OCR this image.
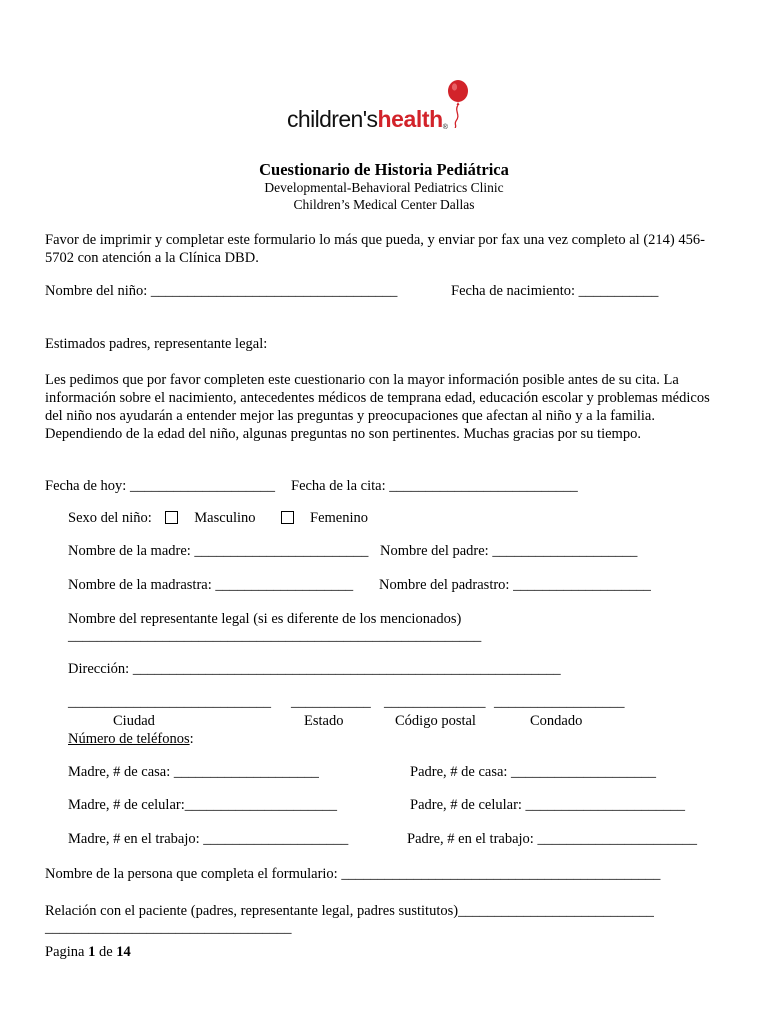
children'shealth®
Cuestionario de Historia Pediátrica
Developmental-Behavioral Pediatrics Clinic
Children’s Medical Center Dallas
Favor de imprimir y completar este formulario lo más que pueda, y enviar por fax una vez completo al (214) 456-5702 con atención a la Clínica DBD.
Nombre del niño: __________________________________	Fecha de nacimiento: ___________
Estimados padres, representante legal:
Les pedimos que por favor completen este cuestionario con la mayor información posible antes de su cita. La información sobre el nacimiento, antecedentes médicos de temprana edad, educación escolar y problemas médicos del niño nos ayudarán a entender mejor las preguntas y preocupaciones que afectan al niño y a la familia. Dependiendo de la edad del niño, algunas preguntas no son pertinentes. Muchas gracias por su tiempo.
Fecha de hoy: ____________________ Fecha de la cita: __________________________
Sexo del niño:	Masculino	Femenino
Nombre de la madre: ________________________ Nombre del padre: ____________________
Nombre de la madrastra: ___________________ Nombre del padrastro: ___________________
Nombre del representante legal (si es diferente de los mencionados)
_________________________________________________________
Dirección: ___________________________________________________________
____________________________ ___________ ______________ __________________
Ciudad	Estado	Código postal	Condado
Número de teléfonos:
Madre, # de casa: ____________________	Padre, # de casa: ____________________
Madre, # de celular:_____________________	Padre, # de celular: ______________________
Madre, # en el trabajo: ____________________	Padre, # en el trabajo: ______________________
Nombre de la persona que completa el formulario: ____________________________________________
Relación con el paciente (padres, representante legal, padres sustitutos)___________________________
__________________________________
Pagina 1 de 14
